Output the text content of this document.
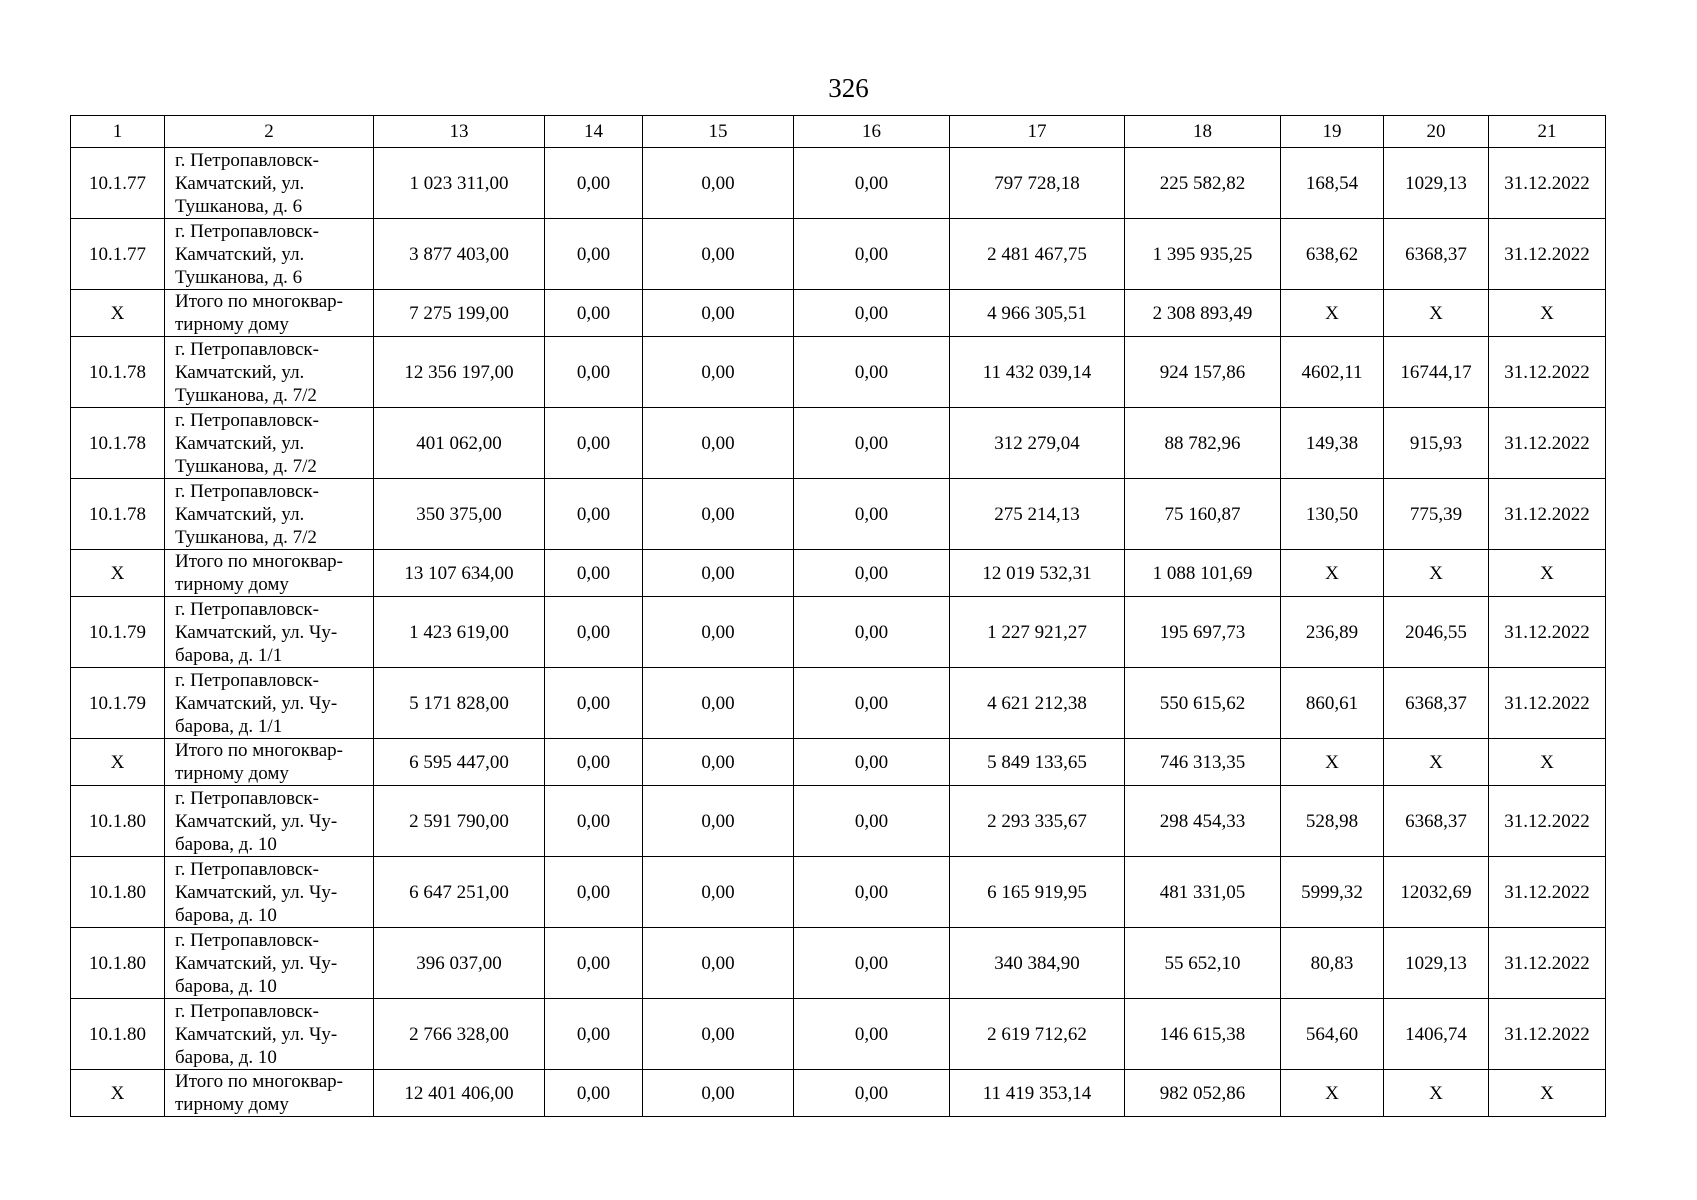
326
1	2	13	14	15	16	17	18	19	20	21
10.1.77	г. Петропавловск-
Камчатский, ул.
Тушканова, д. 6	1 023 311,00	0,00	0,00	0,00	797 728,18	225 582,82	168,54	1029,13	31.12.2022
10.1.77	г. Петропавловск-
Камчатский, ул.
Тушканова, д. 6	3 877 403,00	0,00	0,00	0,00	2 481 467,75	1 395 935,25	638,62	6368,37	31.12.2022
X	Итого по многоквар-
тирному дому	7 275 199,00	0,00	0,00	0,00	4 966 305,51	2 308 893,49	X	X	X
10.1.78	г. Петропавловск-
Камчатский, ул.
Тушканова, д. 7/2	12 356 197,00	0,00	0,00	0,00	11 432 039,14	924 157,86	4602,11	16744,17	31.12.2022
10.1.78	г. Петропавловск-
Камчатский, ул.
Тушканова, д. 7/2	401 062,00	0,00	0,00	0,00	312 279,04	88 782,96	149,38	915,93	31.12.2022
10.1.78	г. Петропавловск-
Камчатский, ул.
Тушканова, д. 7/2	350 375,00	0,00	0,00	0,00	275 214,13	75 160,87	130,50	775,39	31.12.2022
X	Итого по многоквар-
тирному дому	13 107 634,00	0,00	0,00	0,00	12 019 532,31	1 088 101,69	X	X	X
10.1.79	г. Петропавловск-
Камчатский, ул. Чу-
барова, д. 1/1	1 423 619,00	0,00	0,00	0,00	1 227 921,27	195 697,73	236,89	2046,55	31.12.2022
10.1.79	г. Петропавловск-
Камчатский, ул. Чу-
барова, д. 1/1	5 171 828,00	0,00	0,00	0,00	4 621 212,38	550 615,62	860,61	6368,37	31.12.2022
X	Итого по многоквар-
тирному дому	6 595 447,00	0,00	0,00	0,00	5 849 133,65	746 313,35	X	X	X
10.1.80	г. Петропавловск-
Камчатский, ул. Чу-
барова, д. 10	2 591 790,00	0,00	0,00	0,00	2 293 335,67	298 454,33	528,98	6368,37	31.12.2022
10.1.80	г. Петропавловск-
Камчатский, ул. Чу-
барова, д. 10	6 647 251,00	0,00	0,00	0,00	6 165 919,95	481 331,05	5999,32	12032,69	31.12.2022
10.1.80	г. Петропавловск-
Камчатский, ул. Чу-
барова, д. 10	396 037,00	0,00	0,00	0,00	340 384,90	55 652,10	80,83	1029,13	31.12.2022
10.1.80	г. Петропавловск-
Камчатский, ул. Чу-
барова, д. 10	2 766 328,00	0,00	0,00	0,00	2 619 712,62	146 615,38	564,60	1406,74	31.12.2022
X	Итого по многоквар-
тирному дому	12 401 406,00	0,00	0,00	0,00	11 419 353,14	982 052,86	X	X	X
